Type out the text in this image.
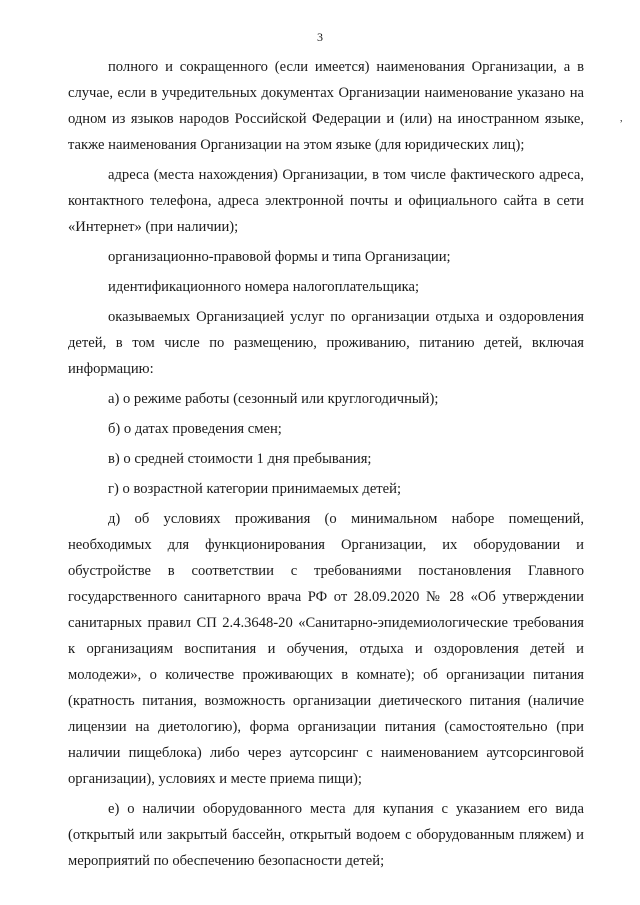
3
,

полного и сокращенного (если имеется) наименования Организации, а в случае, если в учредительных документах Организации наименование указано на одном из языков народов Российской Федерации и (или) на иностранном языке, также наименования Организации на этом языке (для юридических лиц);

адреса (места нахождения) Организации, в том числе фактического адреса, контактного телефона, адреса электронной почты и официального сайта в сети «Интернет» (при наличии);

организационно-правовой формы и типа Организации;

идентификационного номера налогоплательщика;

оказываемых Организацией услуг по организации отдыха и оздоровления детей, в том числе по размещению, проживанию, питанию детей, включая информацию:

а) о режиме работы (сезонный или круглогодичный);

б) о датах проведения смен;

в) о средней стоимости 1 дня пребывания;

г) о возрастной категории принимаемых детей;

д) об условиях проживания (о минимальном наборе помещений, необходимых для функционирования Организации, их оборудовании и обустройстве в соответствии с требованиями постановления Главного государственного санитарного врача РФ от 28.09.2020 № 28 «Об утверждении санитарных правил СП 2.4.3648-20 «Санитарно-эпидемиологические требования к организациям воспитания и обучения, отдыха и оздоровления детей и молодежи», о количестве проживающих в комнате); об организации питания (кратность питания, возможность организации диетического питания (наличие лицензии на диетологию), форма организации питания (самостоятельно (при наличии пищеблока) либо через аутсорсинг с наименованием аутсорсинговой организации), условиях и месте приема пищи);

е) о наличии оборудованного места для купания с указанием его вида (открытый или закрытый бассейн, открытый водоем с оборудованным пляжем) и мероприятий по обеспечению безопасности детей;
